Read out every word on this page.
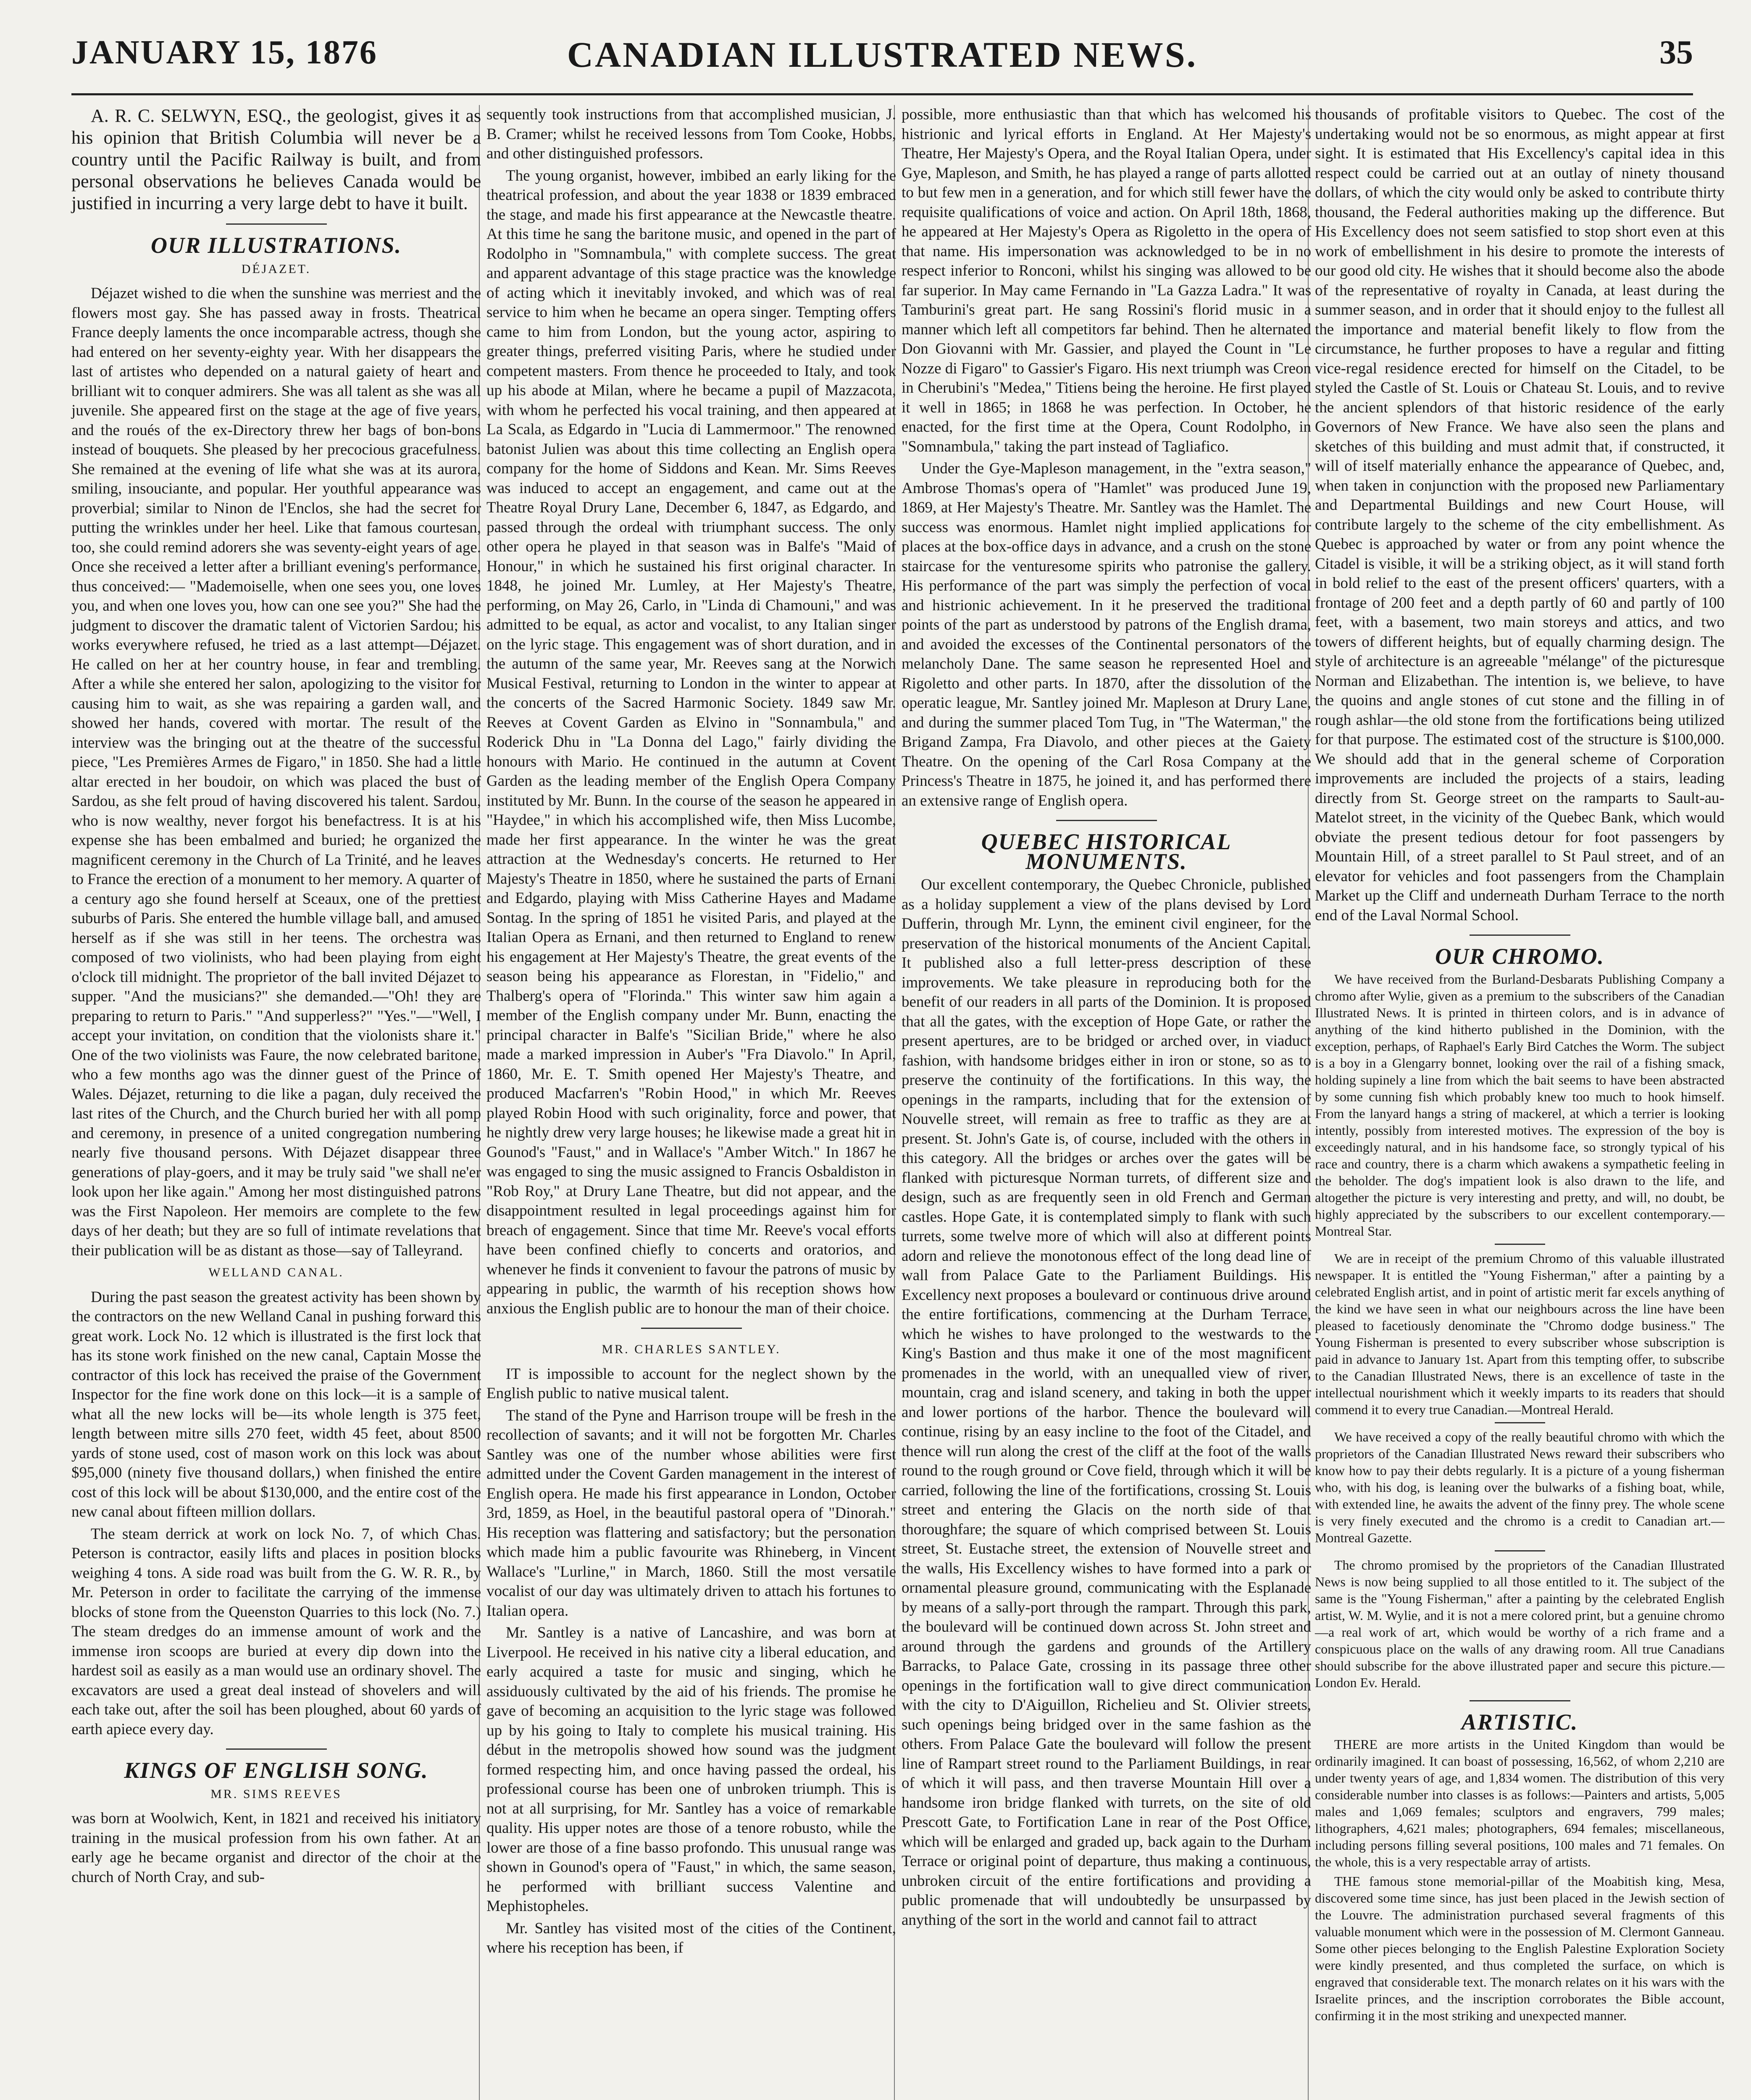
JANUARY 15, 1876	CANADIAN ILLUSTRATED NEWS.	35

A. R. C. SELWYN, ESQ., the geologist, gives it as his opinion that British Columbia will never be a country until the Pacific Railway is built, and from personal observations he believes Canada would be justified in incurring a very large debt to have it built.

OUR ILLUSTRATIONS.
DÉJAZET.

Déjazet wished to die when the sunshine was merriest and the flowers most gay. She has passed away in frosts. Theatrical France deeply laments the once incomparable actress, though she had entered on her seventy-eighty year. With her disappears the last of artistes who depended on a natural gaiety of heart and brilliant wit to conquer admirers. She was all talent as she was all juvenile. She appeared first on the stage at the age of five years, and the roués of the ex-Directory threw her bags of bon-bons instead of bouquets. She pleased by her precocious gracefulness. She remained at the evening of life what she was at its aurora, smiling, insouciante, and popular. Her youthful appearance was proverbial; similar to Ninon de l'Enclos, she had the secret for putting the wrinkles under her heel. Like that famous courtesan, too, she could remind adorers she was seventy-eight years of age. Once she received a letter after a brilliant evening's performance, thus conceived:— "Mademoiselle, when one sees you, one loves you, and when one loves you, how can one see you?" She had the judgment to discover the dramatic talent of Victorien Sardou; his works everywhere refused, he tried as a last attempt—Déjazet. He called on her at her country house, in fear and trembling. After a while she entered her salon, apologizing to the visitor for causing him to wait, as she was repairing a garden wall, and showed her hands, covered with mortar. The result of the interview was the bringing out at the theatre of the successful piece, "Les Premières Armes de Figaro," in 1850. She had a little altar erected in her boudoir, on which was placed the bust of Sardou, as she felt proud of having discovered his talent. Sardou, who is now wealthy, never forgot his benefactress. It is at his expense she has been embalmed and buried; he organized the magnificent ceremony in the Church of La Trinité, and he leaves to France the erection of a monument to her memory. A quarter of a century ago she found herself at Sceaux, one of the prettiest suburbs of Paris. She entered the humble village ball, and amused herself as if she was still in her teens. The orchestra was composed of two violinists, who had been playing from eight o'clock till midnight. The proprietor of the ball invited Déjazet to supper. "And the musicians?" she demanded.—"Oh! they are preparing to return to Paris." "And supperless?" "Yes."—"Well, I accept your invitation, on condition that the violonists share it." One of the two violinists was Faure, the now celebrated baritone, who a few months ago was the dinner guest of the Prince of Wales. Déjazet, returning to die like a pagan, duly received the last rites of the Church, and the Church buried her with all pomp and ceremony, in presence of a united congregation numbering nearly five thousand persons. With Déjazet disappear three generations of play-goers, and it may be truly said "we shall ne'er look upon her like again." Among her most distinguished patrons was the First Napoleon. Her memoirs are complete to the few days of her death; but they are so full of intimate revelations that their publication will be as distant as those—say of Talleyrand.

WELLAND CANAL.

During the past season the greatest activity has been shown by the contractors on the new Welland Canal in pushing forward this great work. Lock No. 12 which is illustrated is the first lock that has its stone work finished on the new canal, Captain Mosse the contractor of this lock has received the praise of the Government Inspector for the fine work done on this lock—it is a sample of what all the new locks will be—its whole length is 375 feet, length between mitre sills 270 feet, width 45 feet, about 8500 yards of stone used, cost of mason work on this lock was about $95,000 (ninety five thousand dollars,) when finished the entire cost of this lock will be about $130,000, and the entire cost of the new canal about fifteen million dollars.

The steam derrick at work on lock No. 7, of which Chas. Peterson is contractor, easily lifts and places in position blocks weighing 4 tons. A side road was built from the G. W. R. R., by Mr. Peterson in order to facilitate the carrying of the immense blocks of stone from the Queenston Quarries to this lock (No. 7.) The steam dredges do an immense amount of work and the immense iron scoops are buried at every dip down into the hardest soil as easily as a man would use an ordinary shovel. The excavators are used a great deal instead of shovelers and will each take out, after the soil has been ploughed, about 60 yards of earth apiece every day.

KINGS OF ENGLISH SONG.
MR. SIMS REEVES

was born at Woolwich, Kent, in 1821 and received his initiatory training in the musical profession from his own father. At an early age he became organist and director of the choir at the church of North Cray, and sub-

sequently took instructions from that accomplished musician, J. B. Cramer; whilst he received lessons from Tom Cooke, Hobbs, and other distinguished professors.

The young organist, however, imbibed an early liking for the theatrical profession, and about the year 1838 or 1839 embraced the stage, and made his first appearance at the Newcastle theatre. At this time he sang the baritone music, and opened in the part of Rodolpho in "Somnambula," with complete success. The great and apparent advantage of this stage practice was the knowledge of acting which it inevitably invoked, and which was of real service to him when he became an opera singer. Tempting offers came to him from London, but the young actor, aspiring to greater things, preferred visiting Paris, where he studied under competent masters. From thence he proceeded to Italy, and took up his abode at Milan, where he became a pupil of Mazzacota, with whom he perfected his vocal training, and then appeared at La Scala, as Edgardo in "Lucia di Lammermoor." The renowned batonist Julien was about this time collecting an English opera company for the home of Siddons and Kean. Mr. Sims Reeves was induced to accept an engagement, and came out at the Theatre Royal Drury Lane, December 6, 1847, as Edgardo, and passed through the ordeal with triumphant success. The only other opera he played in that season was in Balfe's "Maid of Honour," in which he sustained his first original character. In 1848, he joined Mr. Lumley, at Her Majesty's Theatre, performing, on May 26, Carlo, in "Linda di Chamouni," and was admitted to be equal, as actor and vocalist, to any Italian singer on the lyric stage. This engagement was of short duration, and in the autumn of the same year, Mr. Reeves sang at the Norwich Musical Festival, returning to London in the winter to appear at the concerts of the Sacred Harmonic Society. 1849 saw Mr. Reeves at Covent Garden as Elvino in "Sonnambula," and Roderick Dhu in "La Donna del Lago," fairly dividing the honours with Mario. He continued in the autumn at Covent Garden as the leading member of the English Opera Company instituted by Mr. Bunn. In the course of the season he appeared in "Haydee," in which his accomplished wife, then Miss Lucombe, made her first appearance. In the winter he was the great attraction at the Wednesday's concerts. He returned to Her Majesty's Theatre in 1850, where he sustained the parts of Ernani and Edgardo, playing with Miss Catherine Hayes and Madame Sontag. In the spring of 1851 he visited Paris, and played at the Italian Opera as Ernani, and then returned to England to renew his engagement at Her Majesty's Theatre, the great events of the season being his appearance as Florestan, in "Fidelio," and Thalberg's opera of "Florinda." This winter saw him again a member of the English company under Mr. Bunn, enacting the principal character in Balfe's "Sicilian Bride," where he also made a marked impression in Auber's "Fra Diavolo." In April, 1860, Mr. E. T. Smith opened Her Majesty's Theatre, and produced Macfarren's "Robin Hood," in which Mr. Reeves played Robin Hood with such originality, force and power, that he nightly drew very large houses; he likewise made a great hit in Gounod's "Faust," and in Wallace's "Amber Witch." In 1867 he was engaged to sing the music assigned to Francis Osbaldiston in "Rob Roy," at Drury Lane Theatre, but did not appear, and the disappointment resulted in legal proceedings against him for breach of engagement. Since that time Mr. Reeve's vocal efforts have been confined chiefly to concerts and oratorios, and whenever he finds it convenient to favour the patrons of music by appearing in public, the warmth of his reception shows how anxious the English public are to honour the man of their choice.

MR. CHARLES SANTLEY.

IT is impossible to account for the neglect shown by the English public to native musical talent.

The stand of the Pyne and Harrison troupe will be fresh in the recollection of savants; and it will not be forgotten Mr. Charles Santley was one of the number whose abilities were first admitted under the Covent Garden management in the interest of English opera. He made his first appearance in London, October 3rd, 1859, as Hoel, in the beautiful pastoral opera of "Dinorah." His reception was flattering and satisfactory; but the personation which made him a public favourite was Rhineberg, in Vincent Wallace's "Lurline," in March, 1860. Still the most versatile vocalist of our day was ultimately driven to attach his fortunes to Italian opera.

Mr. Santley is a native of Lancashire, and was born at Liverpool. He received in his native city a liberal education, and early acquired a taste for music and singing, which he assiduously cultivated by the aid of his friends. The promise he gave of becoming an acquisition to the lyric stage was followed up by his going to Italy to complete his musical training. His début in the metropolis showed how sound was the judgment formed respecting him, and once having passed the ordeal, his professional course has been one of unbroken triumph. This is not at all surprising, for Mr. Santley has a voice of remarkable quality. His upper notes are those of a tenore robusto, while the lower are those of a fine basso profondo. This unusual range was shown in Gounod's opera of "Faust," in which, the same season, he performed with brilliant success Valentine and Mephistopheles.

Mr. Santley has visited most of the cities of the Continent, where his reception has been, if

possible, more enthusiastic than that which has welcomed his histrionic and lyrical efforts in England. At Her Majesty's Theatre, Her Majesty's Opera, and the Royal Italian Opera, under Gye, Mapleson, and Smith, he has played a range of parts allotted to but few men in a generation, and for which still fewer have the requisite qualifications of voice and action. On April 18th, 1868, he appeared at Her Majesty's Opera as Rigoletto in the opera of that name. His impersonation was acknowledged to be in no respect inferior to Ronconi, whilst his singing was allowed to be far superior. In May came Fernando in "La Gazza Ladra." It was Tamburini's great part. He sang Rossini's florid music in a manner which left all competitors far behind. Then he alternated Don Giovanni with Mr. Gassier, and played the Count in "Le Nozze di Figaro" to Gassier's Figaro. His next triumph was Creon in Cherubini's "Medea," Titiens being the heroine. He first played it well in 1865; in 1868 he was perfection. In October, he enacted, for the first time at the Opera, Count Rodolpho, in "Somnambula," taking the part instead of Tagliafico.

Under the Gye-Mapleson management, in the "extra season," Ambrose Thomas's opera of "Hamlet" was produced June 19, 1869, at Her Majesty's Theatre. Mr. Santley was the Hamlet. The success was enormous. Hamlet night implied applications for places at the box-office days in advance, and a crush on the stone staircase for the venturesome spirits who patronise the gallery. His performance of the part was simply the perfection of vocal and histrionic achievement. In it he preserved the traditional points of the part as understood by patrons of the English drama, and avoided the excesses of the Continental personators of the melancholy Dane. The same season he represented Hoel and Rigoletto and other parts. In 1870, after the dissolution of the operatic league, Mr. Santley joined Mr. Mapleson at Drury Lane, and during the summer placed Tom Tug, in "The Waterman," the Brigand Zampa, Fra Diavolo, and other pieces at the Gaiety Theatre. On the opening of the Carl Rosa Company at the Princess's Theatre in 1875, he joined it, and has performed there an extensive range of English opera.

QUEBEC HISTORICAL MONUMENTS.

Our excellent contemporary, the Quebec Chronicle, published as a holiday supplement a view of the plans devised by Lord Dufferin, through Mr. Lynn, the eminent civil engineer, for the preservation of the historical monuments of the Ancient Capital. It published also a full letter-press description of these improvements. We take pleasure in reproducing both for the benefit of our readers in all parts of the Dominion. It is proposed that all the gates, with the exception of Hope Gate, or rather the present apertures, are to be bridged or arched over, in viaduct fashion, with handsome bridges either in iron or stone, so as to preserve the continuity of the fortifications. In this way, the openings in the ramparts, including that for the extension of Nouvelle street, will remain as free to traffic as they are at present. St. John's Gate is, of course, included with the others in this category. All the bridges or arches over the gates will be flanked with picturesque Norman turrets, of different size and design, such as are frequently seen in old French and German castles. Hope Gate, it is contemplated simply to flank with such turrets, some twelve more of which will also at different points adorn and relieve the monotonous effect of the long dead line of wall from Palace Gate to the Parliament Buildings. His Excellency next proposes a boulevard or continuous drive around the entire fortifications, commencing at the Durham Terrace, which he wishes to have prolonged to the westwards to the King's Bastion and thus make it one of the most magnificent promenades in the world, with an unequalled view of river, mountain, crag and island scenery, and taking in both the upper and lower portions of the harbor. Thence the boulevard will continue, rising by an easy incline to the foot of the Citadel, and thence will run along the crest of the cliff at the foot of the walls round to the rough ground or Cove field, through which it will be carried, following the line of the fortifications, crossing St. Louis street and entering the Glacis on the north side of that thoroughfare; the square of which comprised between St. Louis street, St. Eustache street, the extension of Nouvelle street and the walls, His Excellency wishes to have formed into a park or ornamental pleasure ground, communicating with the Esplanade by means of a sally-port through the rampart. Through this park, the boulevard will be continued down across St. John street and around through the gardens and grounds of the Artillery Barracks, to Palace Gate, crossing in its passage three other openings in the fortification wall to give direct communication with the city to D'Aiguillon, Richelieu and St. Olivier streets, such openings being bridged over in the same fashion as the others. From Palace Gate the boulevard will follow the present line of Rampart street round to the Parliament Buildings, in rear of which it will pass, and then traverse Mountain Hill over a handsome iron bridge flanked with turrets, on the site of old Prescott Gate, to Fortification Lane in rear of the Post Office, which will be enlarged and graded up, back again to the Durham Terrace or original point of departure, thus making a continuous, unbroken circuit of the entire fortifications and providing a public promenade that will undoubtedly be unsurpassed by anything of the sort in the world and cannot fail to attract

thousands of profitable visitors to Quebec. The cost of the undertaking would not be so enormous, as might appear at first sight. It is estimated that His Excellency's capital idea in this respect could be carried out at an outlay of ninety thousand dollars, of which the city would only be asked to contribute thirty thousand, the Federal authorities making up the difference. But His Excellency does not seem satisfied to stop short even at this work of embellishment in his desire to promote the interests of our good old city. He wishes that it should become also the abode of the representative of royalty in Canada, at least during the summer season, and in order that it should enjoy to the fullest all the importance and material benefit likely to flow from the circumstance, he further proposes to have a regular and fitting vice-regal residence erected for himself on the Citadel, to be styled the Castle of St. Louis or Chateau St. Louis, and to revive the ancient splendors of that historic residence of the early Governors of New France. We have also seen the plans and sketches of this building and must admit that, if constructed, it will of itself materially enhance the appearance of Quebec, and, when taken in conjunction with the proposed new Parliamentary and Departmental Buildings and new Court House, will contribute largely to the scheme of the city embellishment. As Quebec is approached by water or from any point whence the Citadel is visible, it will be a striking object, as it will stand forth in bold relief to the east of the present officers' quarters, with a frontage of 200 feet and a depth partly of 60 and partly of 100 feet, with a basement, two main storeys and attics, and two towers of different heights, but of equally charming design. The style of architecture is an agreeable "mélange" of the picturesque Norman and Elizabethan. The intention is, we believe, to have the quoins and angle stones of cut stone and the filling in of rough ashlar—the old stone from the fortifications being utilized for that purpose. The estimated cost of the structure is $100,000. We should add that in the general scheme of Corporation improvements are included the projects of a stairs, leading directly from St. George street on the ramparts to Sault-au-Matelot street, in the vicinity of the Quebec Bank, which would obviate the present tedious detour for foot passengers by Mountain Hill, of a street parallel to St Paul street, and of an elevator for vehicles and foot passengers from the Champlain Market up the Cliff and underneath Durham Terrace to the north end of the Laval Normal School.

OUR CHROMO.

We have received from the Burland-Desbarats Publishing Company a chromo after Wylie, given as a premium to the subscribers of the Canadian Illustrated News. It is printed in thirteen colors, and is in advance of anything of the kind hitherto published in the Dominion, with the exception, perhaps, of Raphael's Early Bird Catches the Worm. The subject is a boy in a Glengarry bonnet, looking over the rail of a fishing smack, holding supinely a line from which the bait seems to have been abstracted by some cunning fish which probably knew too much to hook himself. From the lanyard hangs a string of mackerel, at which a terrier is looking intently, possibly from interested motives. The expression of the boy is exceedingly natural, and in his handsome face, so strongly typical of his race and country, there is a charm which awakens a sympathetic feeling in the beholder. The dog's impatient look is also drawn to the life, and altogether the picture is very interesting and pretty, and will, no doubt, be highly appreciated by the subscribers to our excellent contemporary.—Montreal Star.

We are in receipt of the premium Chromo of this valuable illustrated newspaper. It is entitled the "Young Fisherman," after a painting by a celebrated English artist, and in point of artistic merit far excels anything of the kind we have seen in what our neighbours across the line have been pleased to facetiously denominate the "Chromo dodge business." The Young Fisherman is presented to every subscriber whose subscription is paid in advance to January 1st. Apart from this tempting offer, to subscribe to the Canadian Illustrated News, there is an excellence of taste in the intellectual nourishment which it weekly imparts to its readers that should commend it to every true Canadian.—Montreal Herald.

We have received a copy of the really beautiful chromo with which the proprietors of the Canadian Illustrated News reward their subscribers who know how to pay their debts regularly. It is a picture of a young fisherman who, with his dog, is leaning over the bulwarks of a fishing boat, while, with extended line, he awaits the advent of the finny prey. The whole scene is very finely executed and the chromo is a credit to Canadian art.—Montreal Gazette.

The chromo promised by the proprietors of the Canadian Illustrated News is now being supplied to all those entitled to it. The subject of the same is the "Young Fisherman," after a painting by the celebrated English artist, W. M. Wylie, and it is not a mere colored print, but a genuine chromo—a real work of art, which would be worthy of a rich frame and a conspicuous place on the walls of any drawing room. All true Canadians should subscribe for the above illustrated paper and secure this picture.—London Ev. Herald.

ARTISTIC.

THERE are more artists in the United Kingdom than would be ordinarily imagined. It can boast of possessing, 16,562, of whom 2,210 are under twenty years of age, and 1,834 women. The distribution of this very considerable number into classes is as follows:—Painters and artists, 5,005 males and 1,069 females; sculptors and engravers, 799 males; lithographers, 4,621 males; photographers, 694 females; miscellaneous, including persons filling several positions, 100 males and 71 females. On the whole, this is a very respectable array of artists.

THE famous stone memorial-pillar of the Moabitish king, Mesa, discovered some time since, has just been placed in the Jewish section of the Louvre. The administration purchased several fragments of this valuable monument which were in the possession of M. Clermont Ganneau. Some other pieces belonging to the English Palestine Exploration Society were kindly presented, and thus completed the surface, on which is engraved that considerable text. The monarch relates on it his wars with the Israelite princes, and the inscription corroborates the Bible account, confirming it in the most striking and unexpected manner.
